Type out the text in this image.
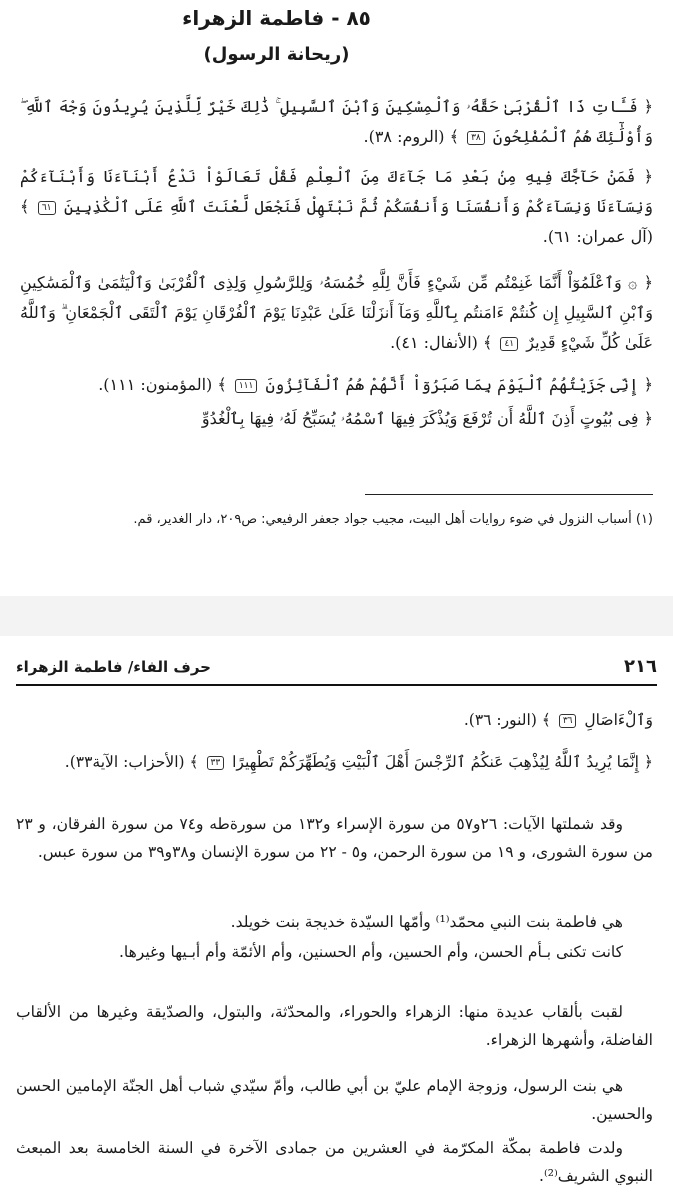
٨٥ - فاطمة الزهراء
(ريحانة الرسول)
﴿ فَـَٔاتِ ذَا ٱلْقُرْبَىٰ حَقَّهُۥ وَٱلْمِسْكِينَ وَٱبْنَ ٱلسَّبِيلِ ۚ ذَٰلِكَ خَيْرٌ لِّلَّذِينَ يُرِيدُونَ وَجْهَ ٱللَّهِ ۖ وَأُوْلَٰٓئِكَ هُمُ ٱلْمُفْلِحُونَ ٣٨ ﴾ (الروم: ٣٨).
﴿ فَمَنْ حَآجَّكَ فِيهِ مِنۢ بَعْدِ مَا جَآءَكَ مِنَ ٱلْعِلْمِ فَقُلْ تَعَالَوْاْ نَدْعُ أَبْنَآءَنَا وَأَبْنَآءَكُمْ وَنِسَآءَنَا وَنِسَآءَكُمْ وَأَنفُسَنَا وَأَنفُسَكُمْ ثُمَّ نَبْتَهِلْ فَنَجْعَل لَّعْنَتَ ٱللَّهِ عَلَى ٱلْكَٰذِبِينَ ٦١ ﴾ (آل عمران: ٦١).
﴿ ۞ وَٱعْلَمُوٓاْ أَنَّمَا غَنِمْتُم مِّن شَيْءٍ فَأَنَّ لِلَّهِ خُمُسَهُۥ وَلِلرَّسُولِ وَلِذِى ٱلْقُرْبَىٰ وَٱلْيَتَٰمَىٰ وَٱلْمَسَٰكِينِ وَٱبْنِ ٱلسَّبِيلِ إِن كُنتُمْ ءَامَنتُم بِٱللَّهِ وَمَآ أَنزَلْنَا عَلَىٰ عَبْدِنَا يَوْمَ ٱلْفُرْقَانِ يَوْمَ ٱلْتَقَى ٱلْجَمْعَانِ ۗ وَٱللَّهُ عَلَىٰ كُلِّ شَيْءٍ قَدِيرٌ ٤١ ﴾ (الأنفال: ٤١).
﴿ إِنِّى جَزَيْتُهُمُ ٱلْيَوْمَ بِمَا صَبَرُوٓاْ أَنَّهُمْ هُمُ ٱلْفَآئِزُونَ ١١١ ﴾ (المؤمنون: ١١١).
﴿ فِى بُيُوتٍ أَذِنَ ٱللَّهُ أَن تُرْفَعَ وَيُذْكَرَ فِيهَا ٱسْمُهُۥ يُسَبِّحُ لَهُۥ فِيهَا بِٱلْغُدُوِّ
(١) أسباب النزول في ضوء روايات أهل البيت، مجيب جواد جعفر الرفيعي: ص٢٠٩، دار الغدير، قم.
٢١٦
حرف الفاء/ فاطمة الزهراء
وَٱلْءَاصَالِ ٣٦ ﴾ (النور: ٣٦).
﴿ إِنَّمَا يُرِيدُ ٱللَّهُ لِيُذْهِبَ عَنكُمُ ٱلرِّجْسَ أَهْلَ ٱلْبَيْتِ وَيُطَهِّرَكُمْ تَطْهِيرًا ٣٣ ﴾ (الأحزاب: الآية٣٣).
وقد شملتها الآيات: ٢٦و٥٧ من سورة الإسراء و١٣٢ من سورةطه و٧٤ من سورة الفرقان، و ٢٣ من سورة الشورى، و ١٩ من سورة الرحمن، و٥ - ٢٢ من سورة الإنسان و٣٨و٣٩ من سورة عبس.
هي فاطمة بنت النبي محمّد⁽¹⁾ وأمّها السيّدة خديجة بنت خويلد.
كانت تكنى بـأم الحسن، وأم الحسين، وأم الحسنين، وأم الأئمّة وأم أبـيها وغيرها.
لقبت بألقاب عديدة منها: الزهراء والحوراء، والمحدّثة، والبتول، والصدّيقة وغيرها من الألقاب الفاضلة، وأشهرها الزهراء.
هي بنت الرسول، وزوجة الإمام عليّ بن أبي طالب، وأمّ سيّدي شباب أهل الجنّة الإمامين الحسن والحسين.
ولدت فاطمة بمكّة المكرّمة في العشرين من جمادى الآخرة في السنة الخامسة بعد المبعث النبوي الشريف⁽²⁾.
